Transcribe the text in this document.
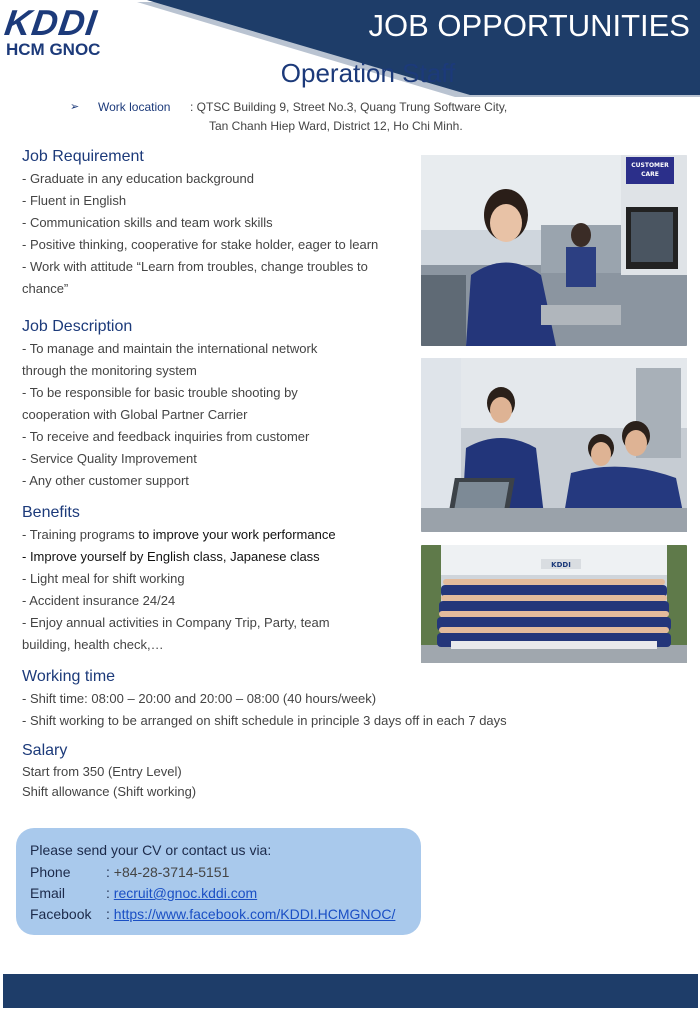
KDDI
HCM GNOC
JOB OPPORTUNITIES
Operation Staff
➢ Work location : QTSC Building 9, Street No.3, Quang Trung Software City,
Tan Chanh Hiep Ward, District 12, Ho Chi Minh.
Job Requirement
- Graduate in any education background
- Fluent in English
- Communication skills and team work skills
- Positive thinking, cooperative for stake holder, eager to learn
- Work with attitude “Learn from troubles, change troubles to
chance”
Job Description
- To manage and maintain the international network
through the monitoring system
- To be responsible for basic trouble shooting by
cooperation with Global Partner Carrier
- To receive and feedback inquiries from customer
- Service Quality Improvement
- Any other customer support
Benefits
- Training programs to improve your work performance
- Improve yourself by English class, Japanese class
- Light meal for shift working
- Accident insurance 24/24
- Enjoy annual activities in Company Trip, Party, team
building, health check,…
Working time
- Shift time: 08:00 – 20:00 and 20:00 – 08:00 (40 hours/week)
- Shift working to be arranged on shift schedule in principle 3 days off in each 7 days
Salary
Start from 350 (Entry Level)
Shift allowance (Shift working)
CUSTOMER
CARE
KDDI
Please send your CV or contact us via:
Phone	: +84-28-3714-5151
Email	: recruit@gnoc.kddi.com
Facebook : https://www.facebook.com/KDDI.HCMGNOC/
